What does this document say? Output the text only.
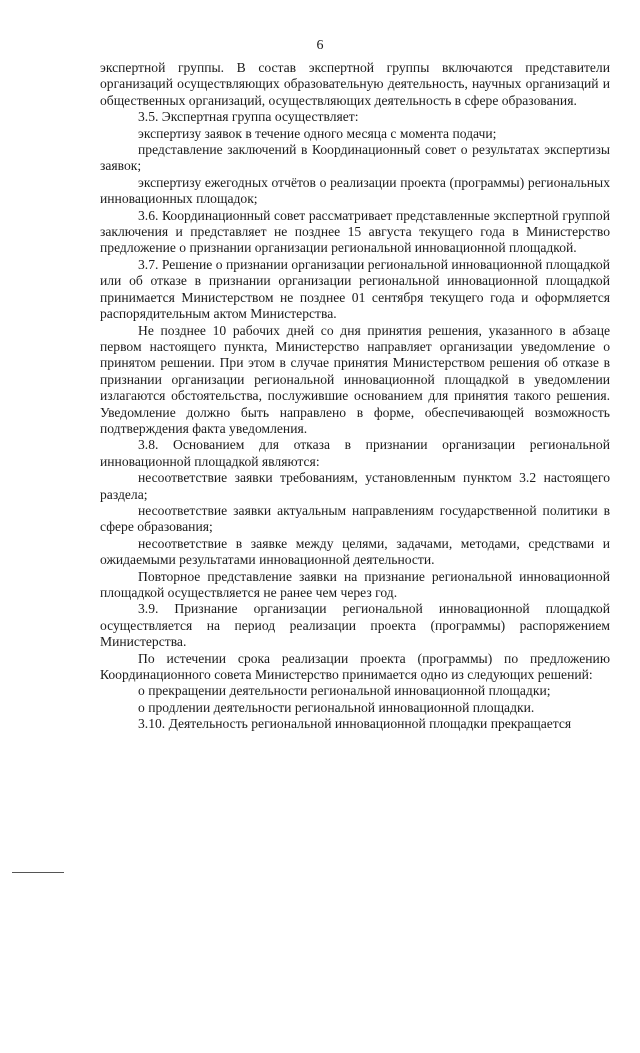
6

экспертной группы. В состав экспертной группы включаются представители организаций осуществляющих образовательную деятельность, научных организаций и общественных организаций, осуществляющих деятельность в сфере образования.

3.5. Экспертная группа осуществляет:

экспертизу заявок в течение одного месяца с момента подачи;

представление заключений в Координационный совет о результатах экспертизы заявок;

экспертизу ежегодных отчётов о реализации проекта (программы) региональных инновационных площадок;

3.6. Координационный совет рассматривает представленные экспертной группой заключения и представляет не позднее 15 августа текущего года в Министерство предложение о признании организации региональной инновационной площадкой.

3.7. Решение о признании организации региональной инновационной площадкой или об отказе в признании организации региональной инновационной площадкой принимается Министерством не позднее 01 сентября текущего года и оформляется распорядительным актом Министерства.

Не позднее 10 рабочих дней со дня принятия решения, указанного в абзаце первом настоящего пункта, Министерство направляет организации уведомление о принятом решении. При этом в случае принятия Министерством решения об отказе в признании организации региональной инновационной площадкой в уведомлении излагаются обстоятельства, послужившие основанием для принятия такого решения. Уведомление должно быть направлено в форме, обеспечивающей возможность подтверждения факта уведомления.

3.8. Основанием для отказа в признании организации региональной инновационной площадкой являются:

несоответствие заявки требованиям, установленным пунктом 3.2 настоящего раздела;

несоответствие заявки актуальным направлениям государственной политики в сфере образования;

несоответствие в заявке между целями, задачами, методами, средствами и ожидаемыми результатами инновационной деятельности.

Повторное представление заявки на признание региональной инновационной площадкой осуществляется не ранее чем через год.

3.9. Признание организации региональной инновационной площадкой осуществляется на период реализации проекта (программы) распоряжением Министерства.

По истечении срока реализации проекта (программы) по предложению Координационного совета Министерство принимается одно из следующих решений:

о прекращении деятельности региональной инновационной площадки;

о продлении деятельности региональной инновационной площадки.

3.10. Деятельность региональной инновационной площадки прекращается
